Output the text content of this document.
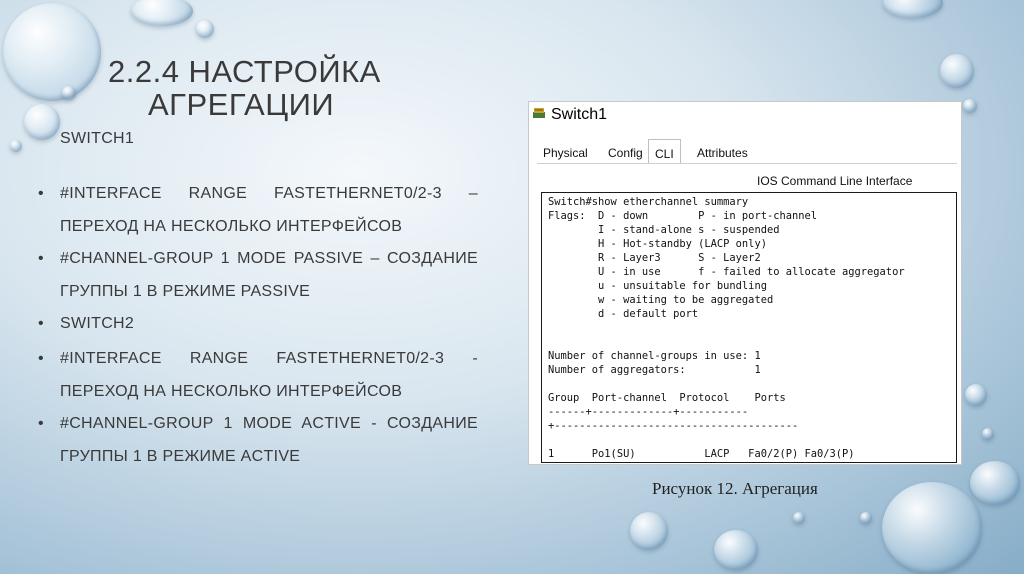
2.2.4 НАСТРОЙКА
АГРЕГАЦИИ
SWITCH1
• #INTERFACE RANGE FASTETHERNET0/2-3 – ПЕРЕХОД НА НЕСКОЛЬКО ИНТЕРФЕЙСОВ
• #CHANNEL-GROUP 1 MODE PASSIVE – СОЗДАНИЕ ГРУППЫ 1 В РЕЖИМЕ PASSIVE
• SWITCH2
• #INTERFACE RANGE FASTETHERNET0/2-3 - ПЕРЕХОД НА НЕСКОЛЬКО ИНТЕРФЕЙСОВ
• #CHANNEL-GROUP 1 MODE ACTIVE - СОЗДАНИЕ ГРУППЫ 1 В РЕЖИМЕ ACTIVE
Switch1
Physical Config	CLI	Attributes
IOS Command Line Interface
Switch#show etherchannel summary
Flags:  D - down        P - in port-channel
I - stand-alone s - suspended
H - Hot-standby (LACP only)
R - Layer3      S - Layer2
U - in use      f - failed to allocate aggregator
u - unsuitable for bundling
w - waiting to be aggregated
d - default port
Number of channel-groups in use: 1
Number of aggregators:           1
Group  Port-channel  Protocol    Ports
------+-------------+-----------
+---------------------------------------
1      Po1(SU)           LACP   Fa0/2(P) Fa0/3(P)
Рисунок 12. Агрегация
